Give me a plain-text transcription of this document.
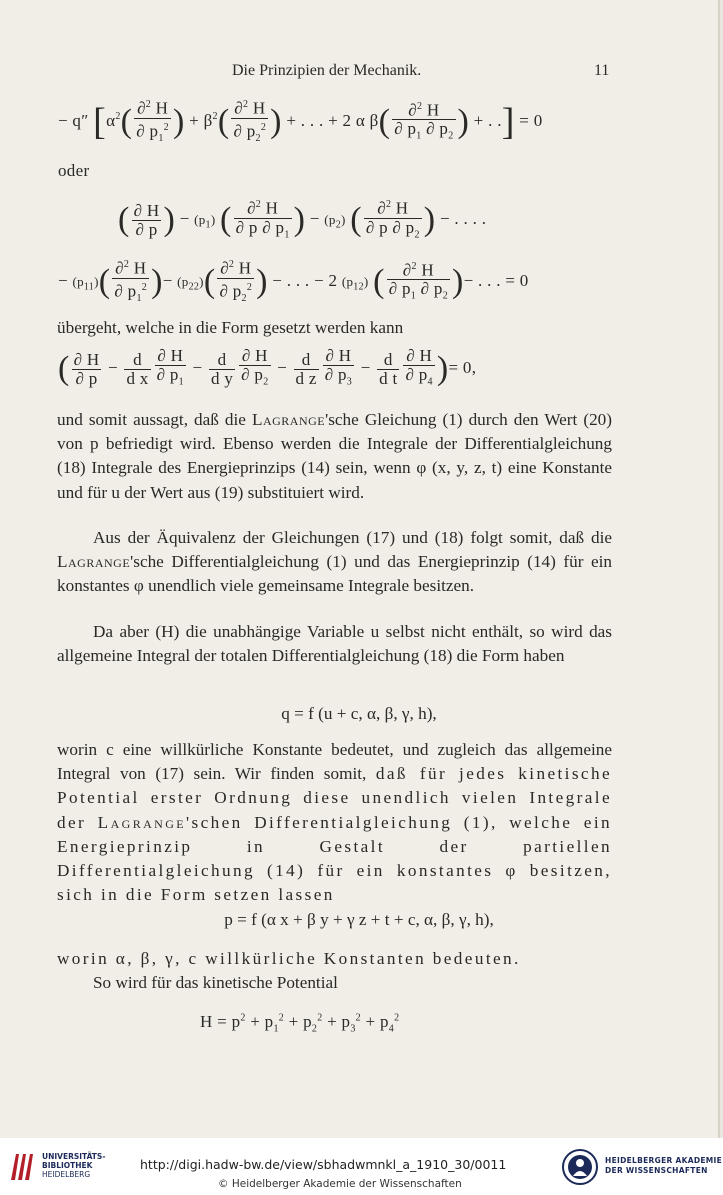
Die Prinzipien der Mechanik.	11
− q″ [$\alpha^2( \frac{\partial^2 H}{\partial p_1^2}$ ) + $\beta^2( \frac{\partial^2 H}{\partial p_2^2}$ ) + . . . + 2 α $\beta( \frac{\partial^2 H}{\partial p_1 \partial p_2}$ ) + . .] = 0
oder
( $\frac{\partial H}{\partial p}$ ) − $(p_1)$ ( $\frac{\partial^2 H}{\partial p \partial p_1}$ ) − $(p_2)$ ( $\frac{\partial^2 H}{\partial p \partial p_2}$ ) − . . . .
− $(p_{11})( \frac{\partial^2 H}{\partial p_1^2}$ )− $(p_{22})( \frac{\partial^2 H}{\partial p_2^2}$ ) − . . . − 2 $(p_{12})$ ( $\frac{\partial^2 H}{\partial p_1 \partial p_2}$ )− . . . = 0

übergeht, welche in die Form gesetzt werden kann

( $\frac{\partial H}{\partial p} - \frac{d}{\text{d x}} \frac{\partial H}{\partial p_1} - \frac{d}{\text{d y}} \frac{\partial H}{\partial p_2} - \frac{d}{\text{d z}} \frac{\partial H}{\partial p_3} - \frac{d}{\text{d t}} \frac{\partial H}{\partial p_4}$ )= 0,

und somit aussagt, daß die Lagrange'sche Gleichung (1) durch den Wert (20) von p befriedigt wird. Ebenso werden die Integrale der Differentialgleichung (18) Integrale des Energieprinzips (14) sein, wenn φ (x, y, z, t) eine Konstante und für u der Wert aus (19) substituiert wird.

Aus der Äquivalenz der Gleichungen (17) und (18) folgt somit, daß die Lagrange'sche Differentialgleichung (1) und das Energieprinzip (14) für ein konstantes φ unendlich viele gemeinsame Integrale besitzen.

Da aber (H) die unabhängige Variable u selbst nicht enthält, so wird das allgemeine Integral der totalen Differentialgleichung (18) die Form haben

q = f (u + c, α, β, γ, h),

worin c eine willkürliche Konstante bedeutet, und zugleich das allgemeine Integral von (17) sein. Wir finden somit, daß für jedes kinetische Potential erster Ordnung diese unendlich vielen Integrale der Lagrange'schen Differentialgleichung (1), welche ein Energieprinzip in Gestalt der partiellen Differentialgleichung (14) für ein konstantes φ besitzen, sich in die Form setzen lassen

p = f (α x + β y + γ z + t + c, α, β, γ, h),

worin α, β, γ, c willkürliche Konstanten bedeuten.

So wird für das kinetische Potential

$H = p^2 + p_1^2 + p_2^2 + p_3^2 + p_4^2$
UNIVERSITÄTS-
BIBLIOTHEK
HEIDELBERG
http://digi.hadw-bw.de/view/sbhadwmnkl_a_1910_30/0011
© Heidelberger Akademie der Wissenschaften
HEIDELBERGER AKADEMIE
DER WISSENSCHAFTEN
